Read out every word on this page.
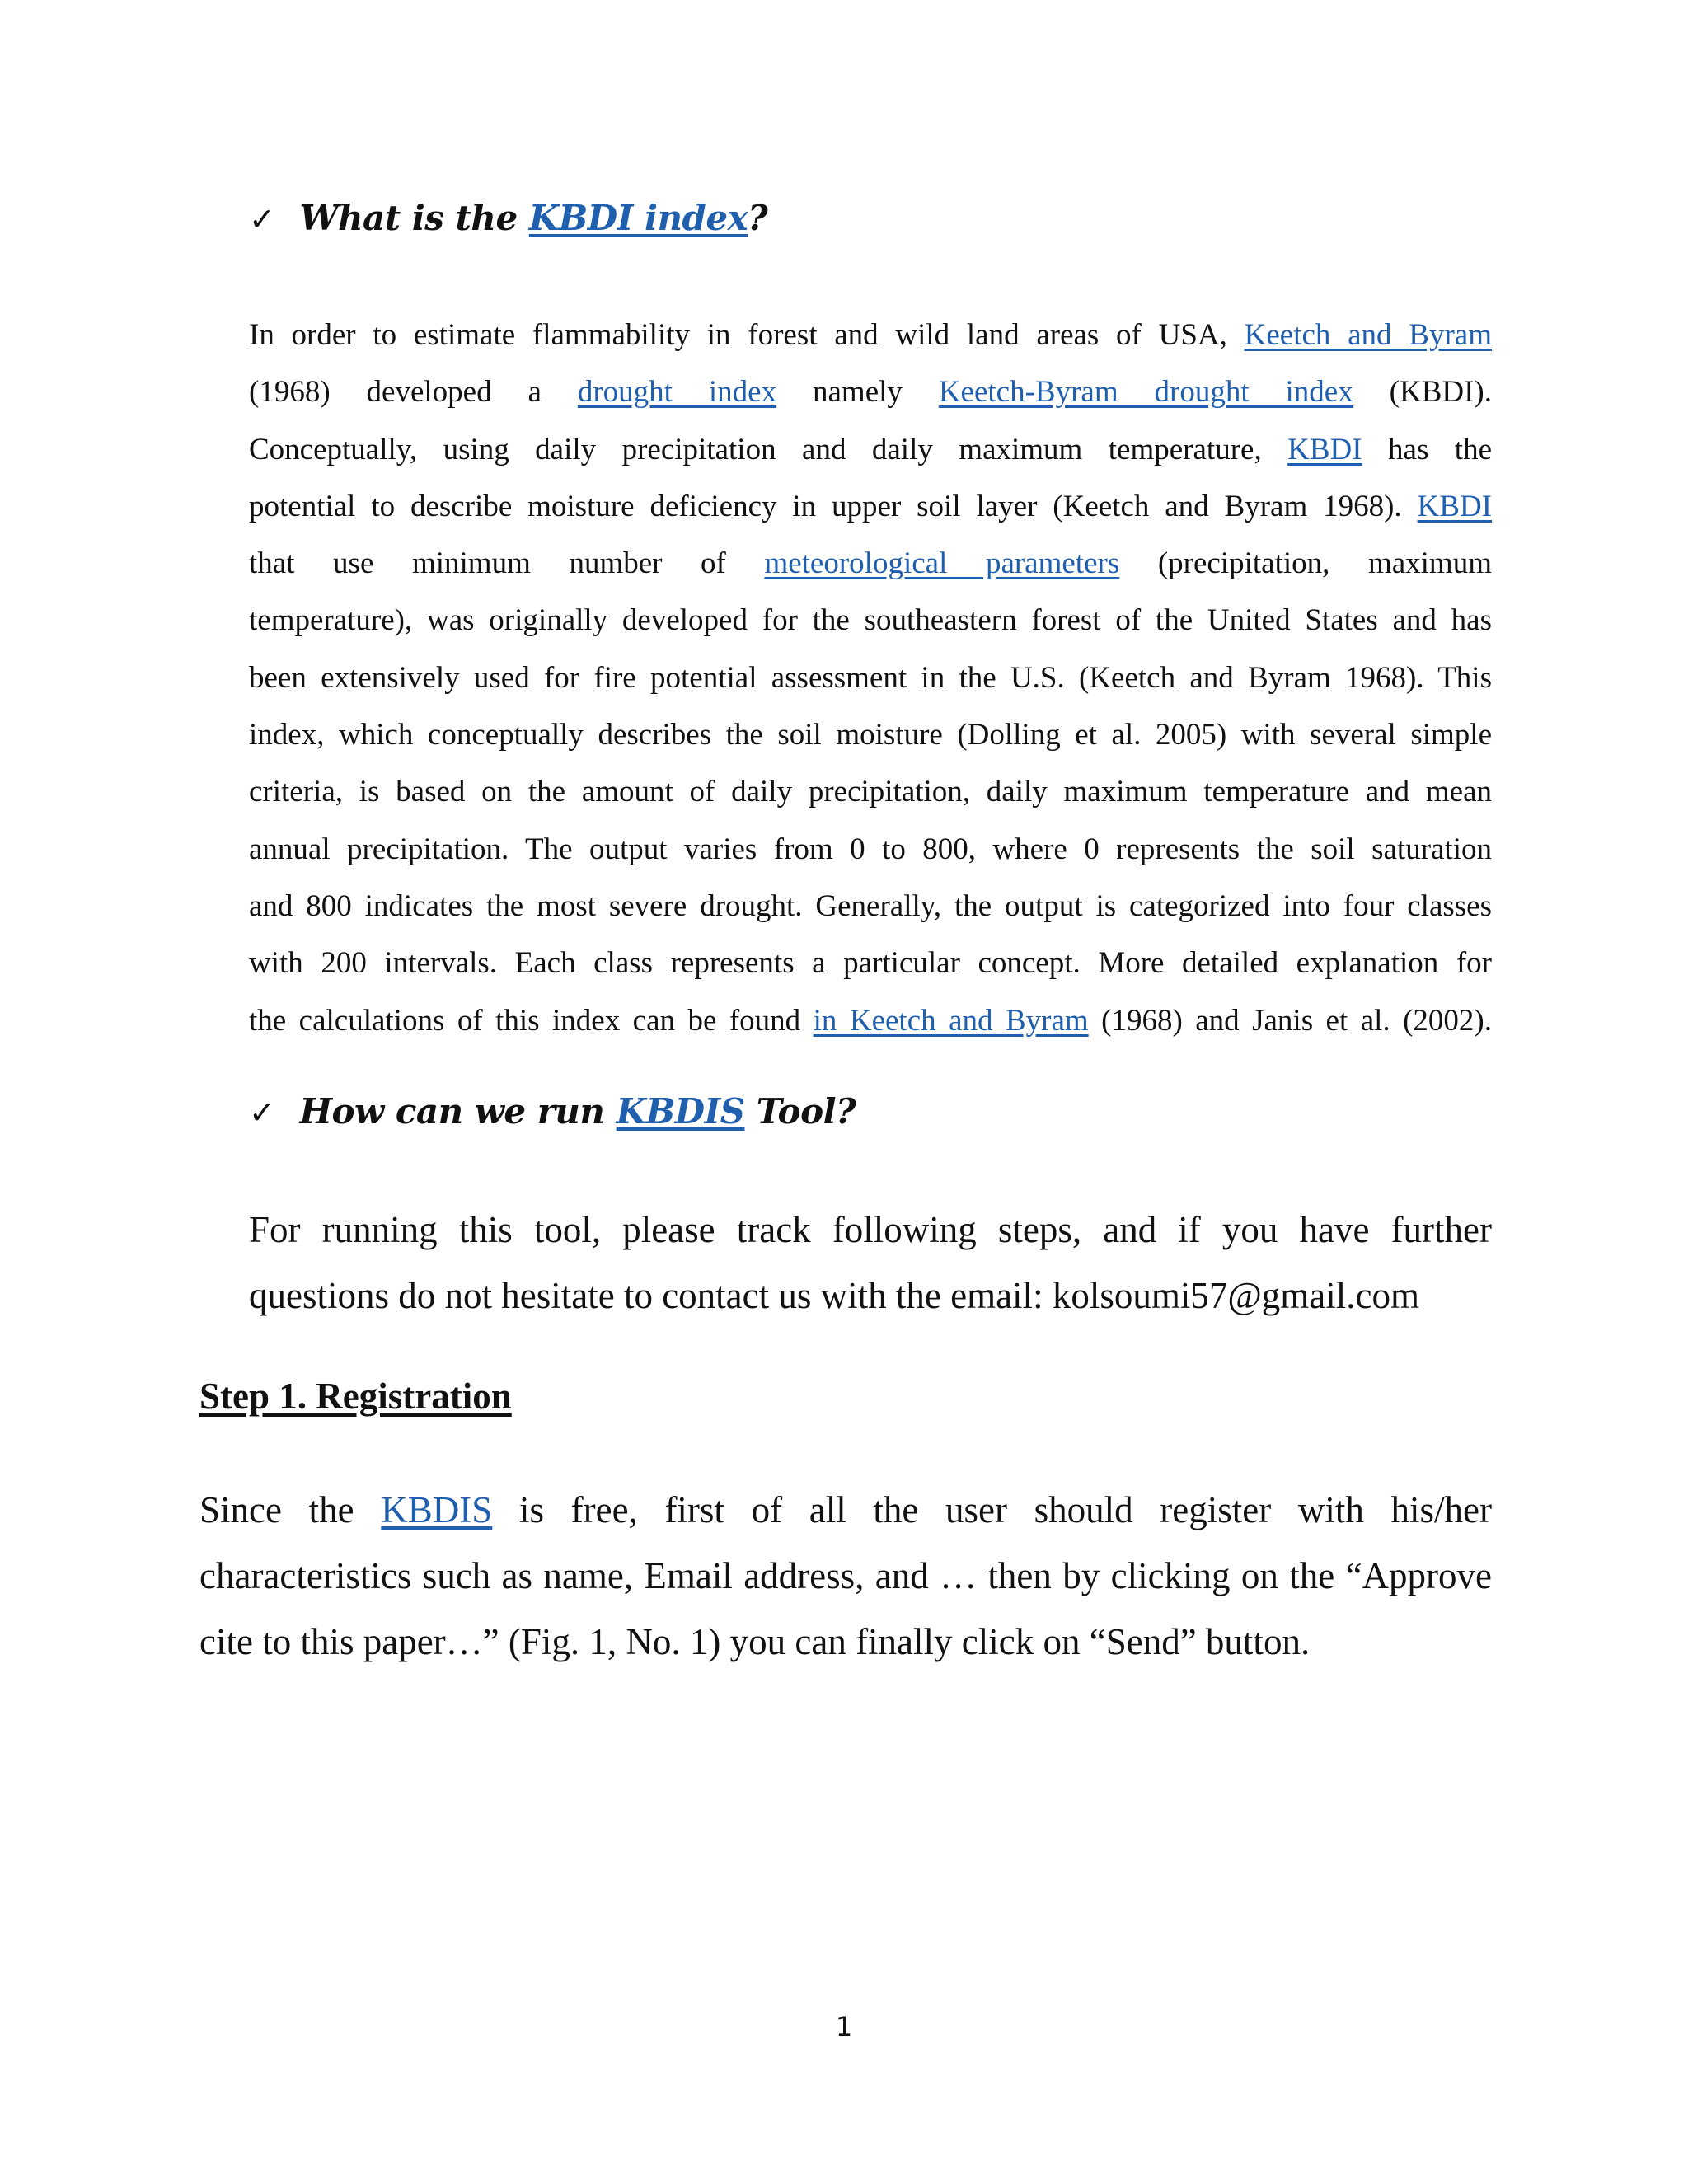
✓ What is the KBDI index?
In order to estimate flammability in forest and wild land areas of USA, Keetch and Byram
(1968) developed a drought index namely Keetch-Byram drought index (KBDI).
Conceptually, using daily precipitation and daily maximum temperature, KBDI has the
potential to describe moisture deficiency in upper soil layer (Keetch and Byram 1968). KBDI
that use minimum number of meteorological parameters (precipitation, maximum
temperature), was originally developed for the southeastern forest of the United States and has
been extensively used for fire potential assessment in the U.S. (Keetch and Byram 1968). This
index, which conceptually describes the soil moisture (Dolling et al. 2005) with several simple
criteria, is based on the amount of daily precipitation, daily maximum temperature and mean
annual precipitation. The output varies from 0 to 800, where 0 represents the soil saturation
and 800 indicates the most severe drought. Generally, the output is categorized into four classes
with 200 intervals. Each class represents a particular concept. More detailed explanation for
the calculations of this index can be found in Keetch and Byram (1968) and Janis et al. (2002).
✓ How can we run KBDIS Tool?
For running this tool, please track following steps, and if you have further
questions do not hesitate to contact us with the email: kolsoumi57@gmail.com
Step 1. Registration
Since the KBDIS is free, first of all the user should register with his/her
characteristics such as name, Email address, and … then by clicking on the “Approve
cite to this paper…” (Fig. 1, No. 1) you can finally click on “Send” button.
1
